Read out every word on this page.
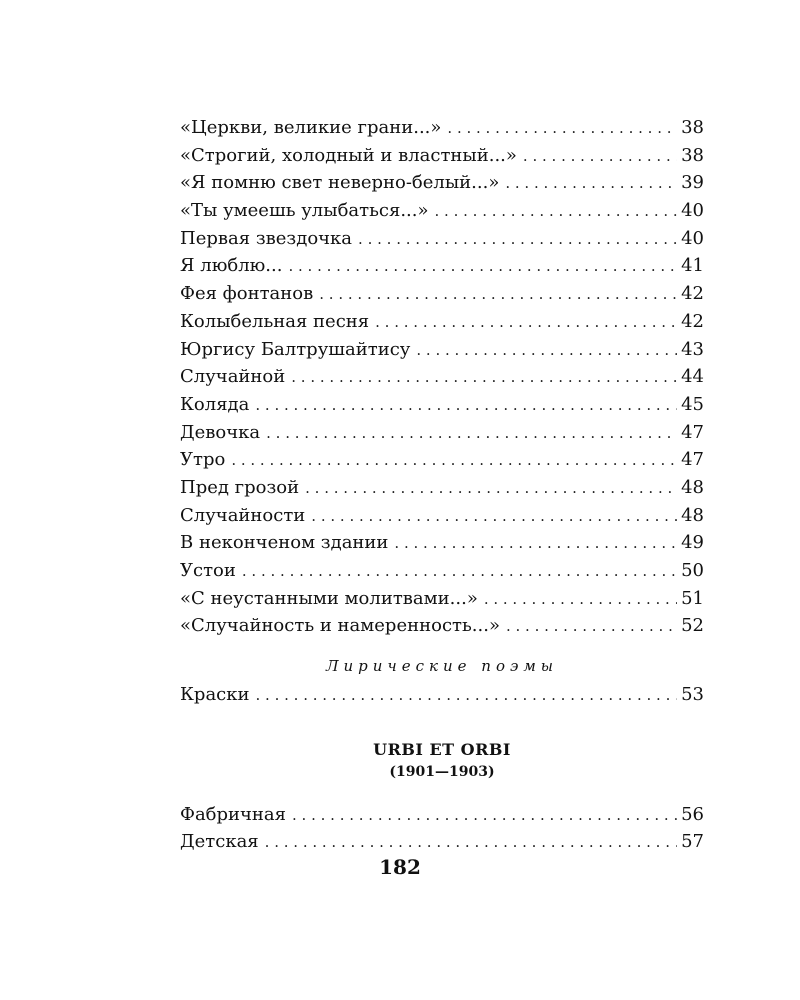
«Церкви, великие грани...» . . .	38
«Строгий, холодный и властный...» . . .	38
«Я помню свет неверно-белый...» . . .	39
«Ты умеешь улыбаться...» . . .	40
Первая звездочка . . .	40
Я люблю... . . .	41
Фея фонтанов . . .	42
Колыбельная песня . . .	42
Юргису Балтрушайтису . . .	43
Случайной . . .	44
Коляда . . .	45
Девочка . . .	47
Утро . . .	47
Пред грозой . . .	48
Случайности . . .	48
В неконченом здании . . .	49
Устои . . .	50
«С неустанными молитвами...» . . .	51
«Случайность и намеренность...» . . .	52
Лирические поэмы
Краски . . .	53
URBI ET ORBI
(1901—1903)
Фабричная . . .	56
Детская . . .	57
182
